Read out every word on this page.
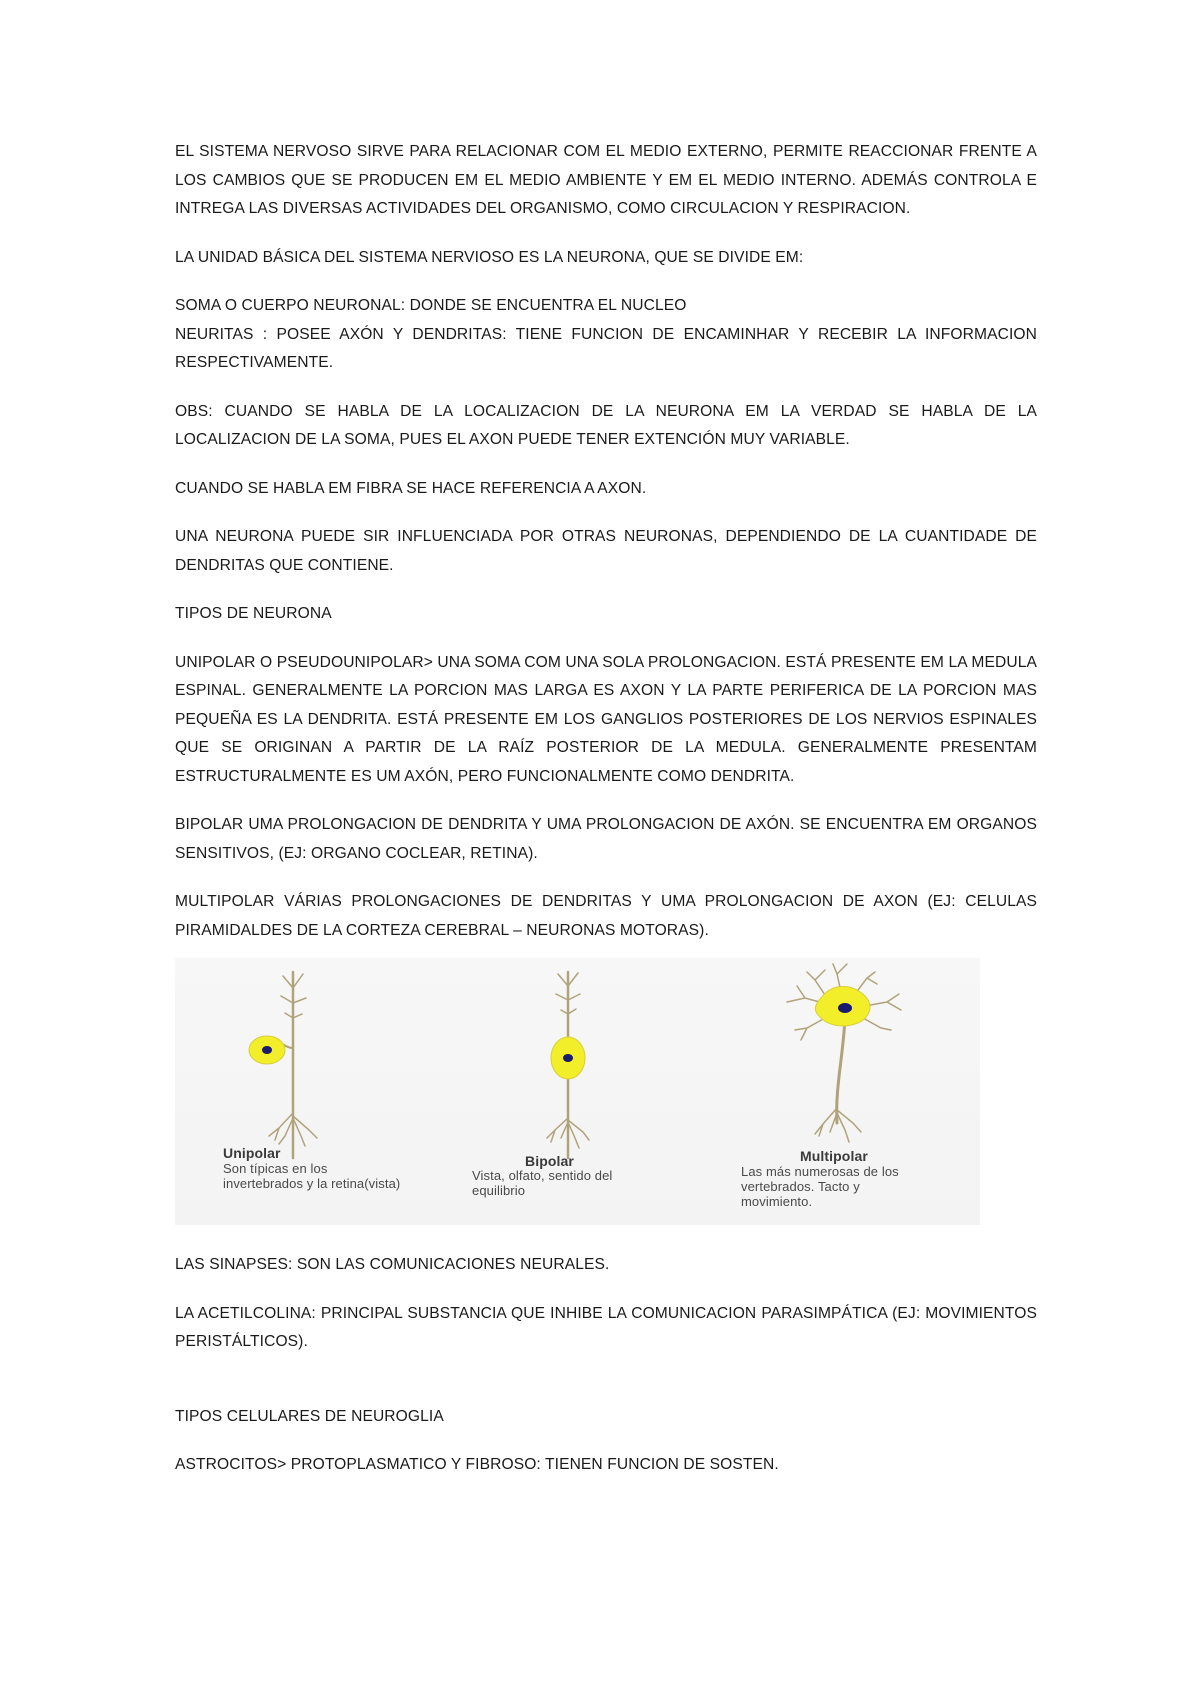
EL SISTEMA NERVOSO SIRVE PARA RELACIONAR COM EL MEDIO EXTERNO, PERMITE REACCIONAR FRENTE A LOS CAMBIOS QUE SE PRODUCEN EM EL MEDIO AMBIENTE Y EM EL MEDIO INTERNO. ADEMÁS CONTROLA E INTREGA LAS DIVERSAS ACTIVIDADES DEL ORGANISMO, COMO CIRCULACION Y RESPIRACION.

LA UNIDAD BÁSICA DEL SISTEMA NERVIOSO ES LA NEURONA, QUE SE DIVIDE EM:

SOMA O CUERPO NEURONAL: DONDE SE ENCUENTRA EL NUCLEO

NEURITAS : POSEE AXÓN Y DENDRITAS: TIENE FUNCION DE ENCAMINHAR Y RECEBIR LA INFORMACION RESPECTIVAMENTE.

OBS: CUANDO SE HABLA DE LA LOCALIZACION DE LA NEURONA EM LA VERDAD SE HABLA DE LA LOCALIZACION DE LA SOMA, PUES EL AXON PUEDE TENER EXTENCIÓN MUY VARIABLE.

CUANDO SE HABLA EM FIBRA SE HACE REFERENCIA A AXON.

UNA NEURONA PUEDE SIR INFLUENCIADA POR OTRAS NEURONAS, DEPENDIENDO DE LA CUANTIDADE DE DENDRITAS QUE CONTIENE.

TIPOS DE NEURONA

UNIPOLAR O PSEUDOUNIPOLAR> UNA SOMA COM UNA SOLA PROLONGACION. ESTÁ PRESENTE EM LA MEDULA ESPINAL. GENERALMENTE LA PORCION MAS LARGA ES AXON Y LA PARTE PERIFERICA DE LA PORCION MAS PEQUEÑA ES LA DENDRITA. ESTÁ PRESENTE EM LOS GANGLIOS POSTERIORES DE LOS NERVIOS ESPINALES QUE SE ORIGINAN A PARTIR DE LA RAÍZ POSTERIOR DE LA MEDULA. GENERALMENTE PRESENTAM ESTRUCTURALMENTE ES UM AXÓN, PERO FUNCIONALMENTE COMO DENDRITA.

BIPOLAR UMA PROLONGACION DE DENDRITA Y UMA PROLONGACION DE AXÓN. SE ENCUENTRA EM ORGANOS SENSITIVOS, (EJ: ORGANO COCLEAR, RETINA).

MULTIPOLAR VÁRIAS PROLONGACIONES DE DENDRITAS Y UMA PROLONGACION DE AXON (EJ: CELULAS PIRAMIDALDES DE LA CORTEZA CEREBRAL – NEURONAS MOTORAS).

Unipolar
Son típicas en los invertebrados y la retina(vista)
Bipolar
Vista, olfato, sentido del equilibrio
Multipolar
Las más numerosas de los vertebrados. Tacto y movimiento.

LAS SINAPSES: SON LAS COMUNICACIONES NEURALES.

LA ACETILCOLINA: PRINCIPAL SUBSTANCIA QUE INHIBE LA COMUNICACION PARASIMPÁTICA (EJ: MOVIMIENTOS PERISTÁLTICOS).

TIPOS CELULARES DE NEUROGLIA

ASTROCITOS> PROTOPLASMATICO Y FIBROSO: TIENEN FUNCION DE SOSTEN.
